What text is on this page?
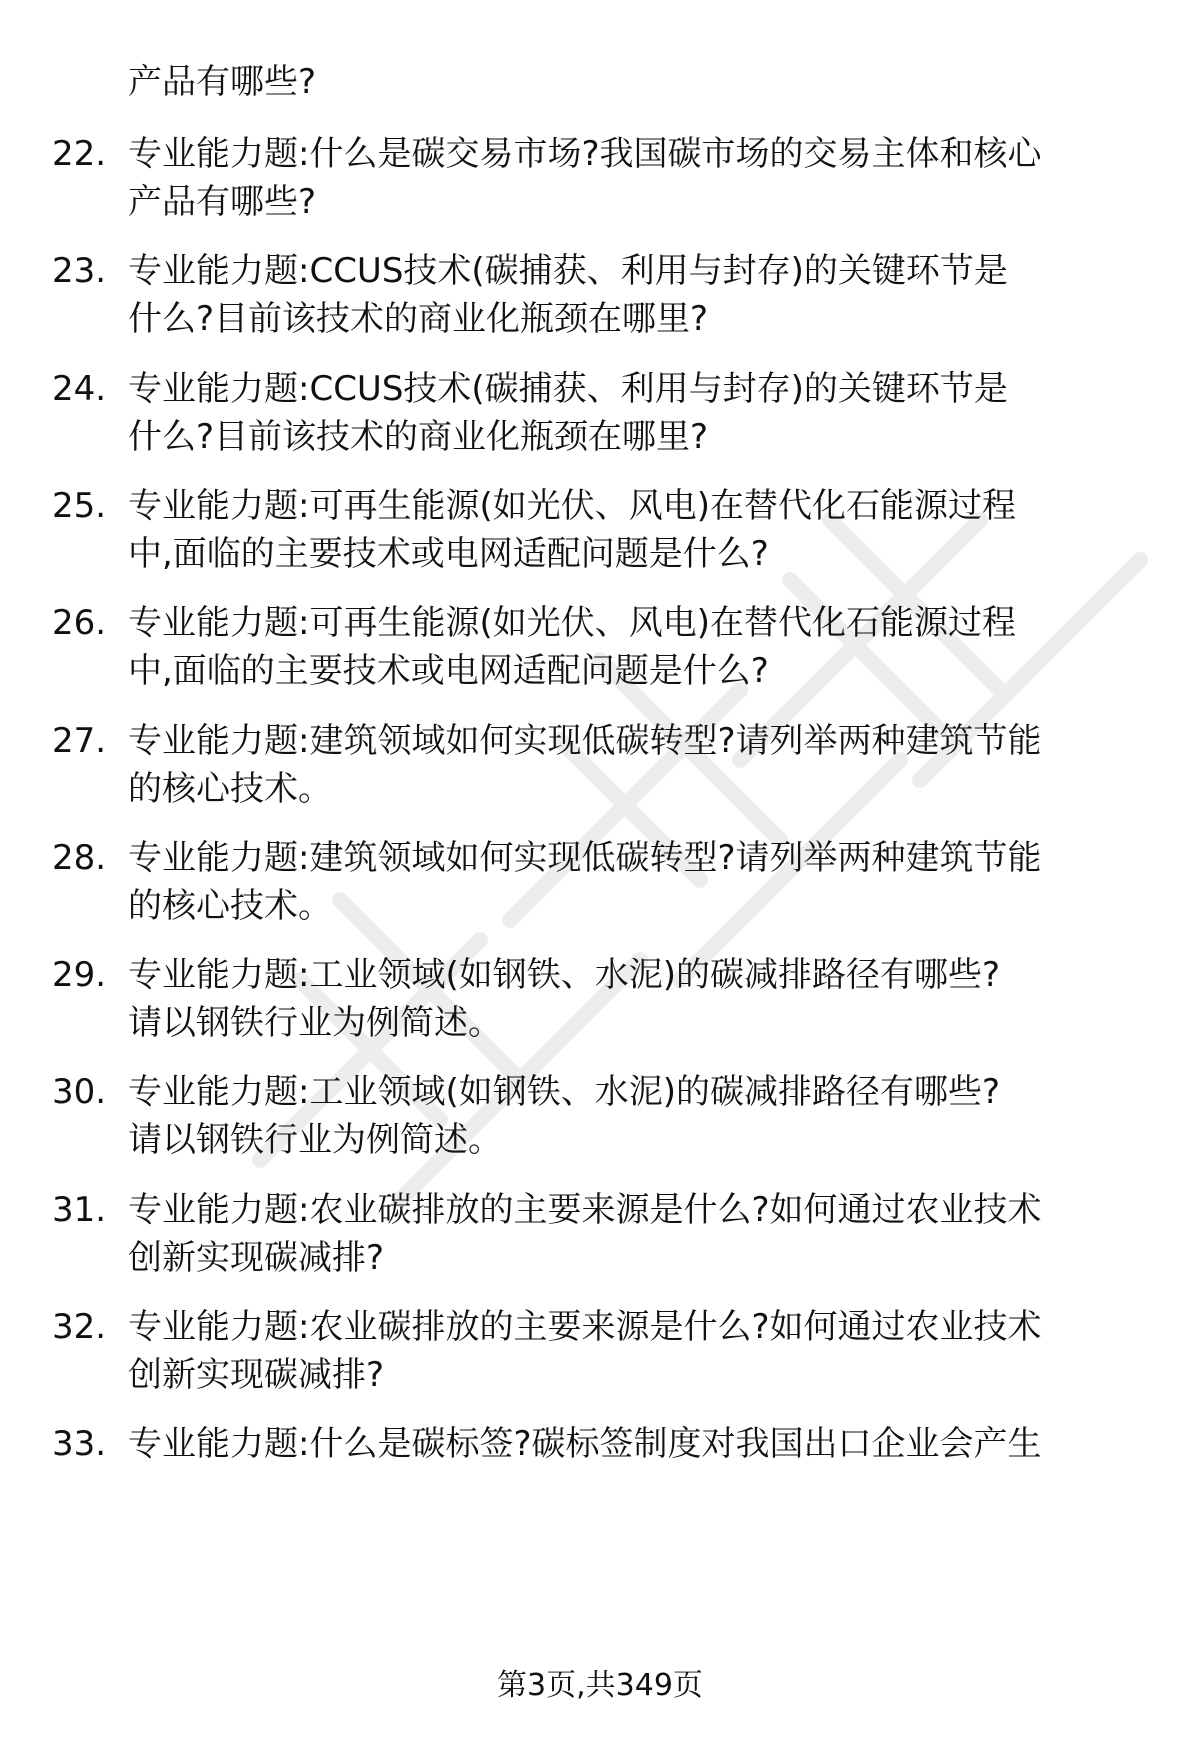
产品有哪些?
22. 专业能力题:什么是碳交易市场?我国碳市场的交易主体和核心
产品有哪些?
23. 专业能力题:CCUS技术(碳捕获、利用与封存)的关键环节是
什么?目前该技术的商业化瓶颈在哪里?
24. 专业能力题:CCUS技术(碳捕获、利用与封存)的关键环节是
什么?目前该技术的商业化瓶颈在哪里?
25. 专业能力题:可再生能源(如光伏、风电)在替代化石能源过程
中,面临的主要技术或电网适配问题是什么?
26. 专业能力题:可再生能源(如光伏、风电)在替代化石能源过程
中,面临的主要技术或电网适配问题是什么?
27. 专业能力题:建筑领域如何实现低碳转型?请列举两种建筑节能
的核心技术。
28. 专业能力题:建筑领域如何实现低碳转型?请列举两种建筑节能
的核心技术。
29. 专业能力题:工业领域(如钢铁、水泥)的碳减排路径有哪些?
请以钢铁行业为例简述。
30. 专业能力题:工业领域(如钢铁、水泥)的碳减排路径有哪些?
请以钢铁行业为例简述。
31. 专业能力题:农业碳排放的主要来源是什么?如何通过农业技术
创新实现碳减排?
32. 专业能力题:农业碳排放的主要来源是什么?如何通过农业技术
创新实现碳减排?
33. 专业能力题:什么是碳标签?碳标签制度对我国出口企业会产生
第3页,共349页
